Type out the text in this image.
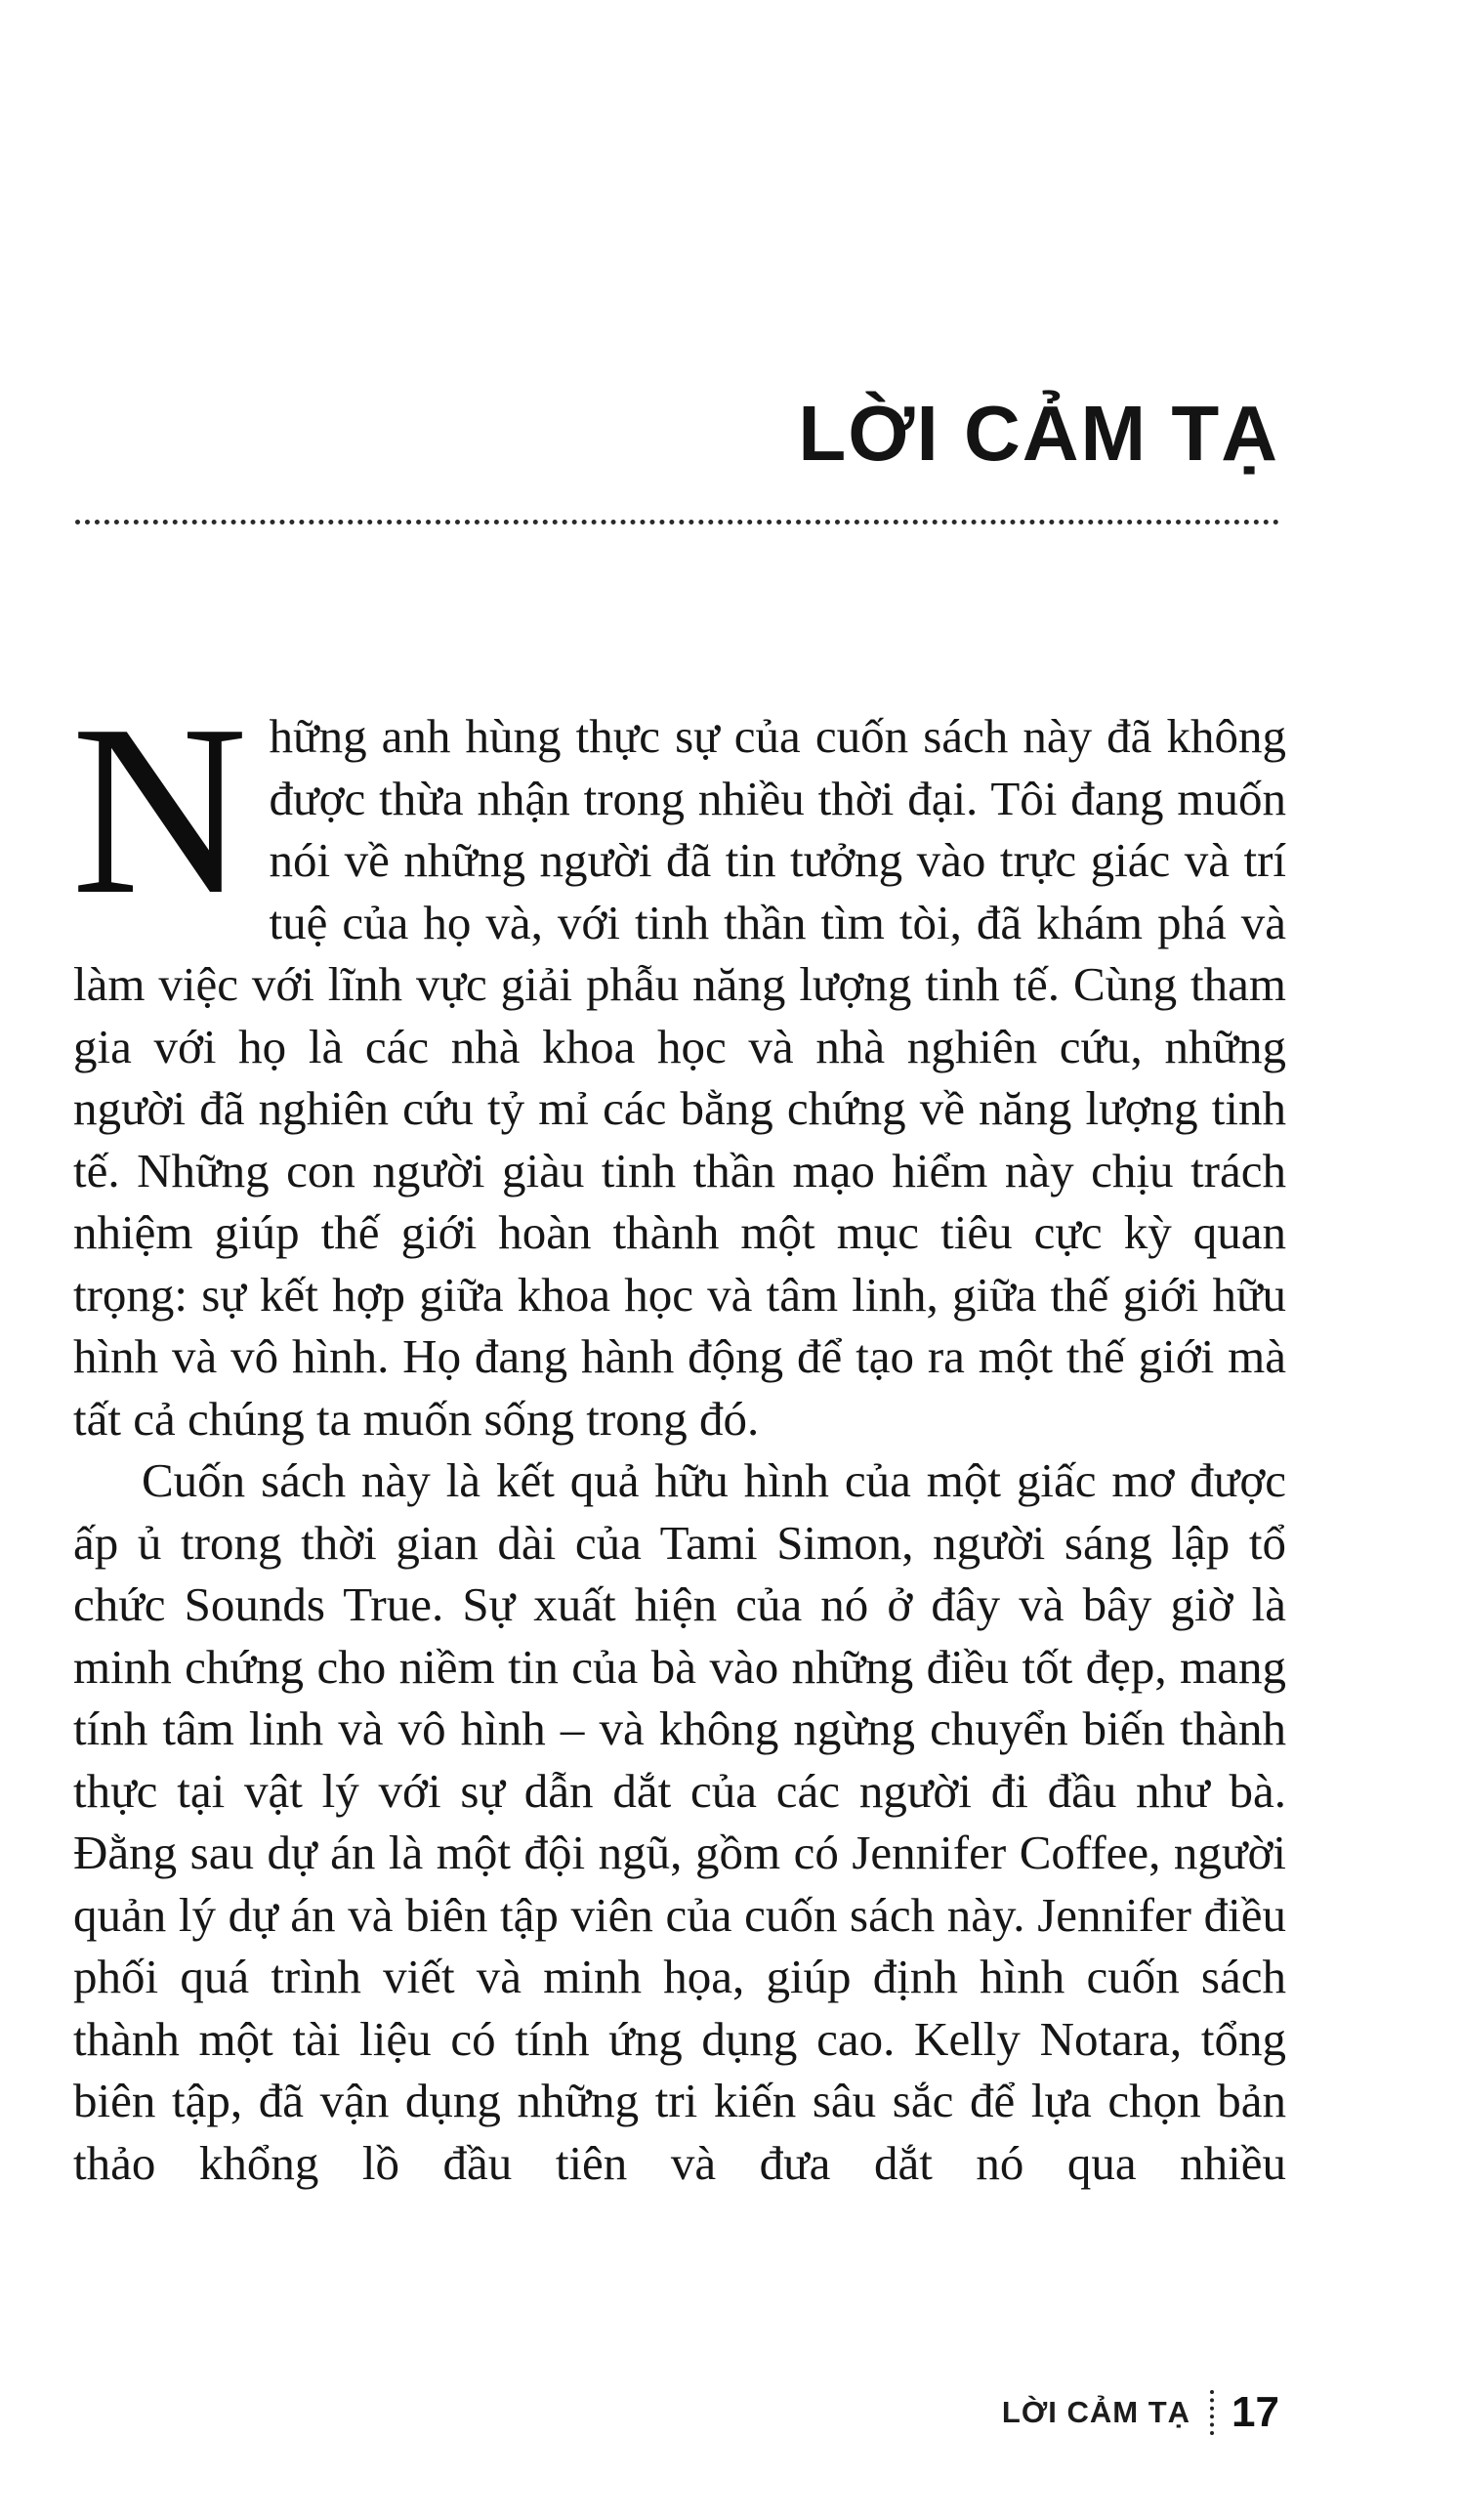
LỜI CẢM TẠ

Những anh hùng thực sự của cuốn sách này đã không được thừa nhận trong nhiều thời đại. Tôi đang muốn nói về những người đã tin tưởng vào trực giác và trí tuệ của họ và, với tinh thần tìm tòi, đã khám phá và làm việc với lĩnh vực giải phẫu năng lượng tinh tế. Cùng tham gia với họ là các nhà khoa học và nhà nghiên cứu, những người đã nghiên cứu tỷ mỉ các bằng chứng về năng lượng tinh tế. Những con người giàu tinh thần mạo hiểm này chịu trách nhiệm giúp thế giới hoàn thành một mục tiêu cực kỳ quan trọng: sự kết hợp giữa khoa học và tâm linh, giữa thế giới hữu hình và vô hình. Họ đang hành động để tạo ra một thế giới mà tất cả chúng ta muốn sống trong đó.

Cuốn sách này là kết quả hữu hình của một giấc mơ được ấp ủ trong thời gian dài của Tami Simon, người sáng lập tổ chức Sounds True. Sự xuất hiện của nó ở đây và bây giờ là minh chứng cho niềm tin của bà vào những điều tốt đẹp, mang tính tâm linh và vô hình – và không ngừng chuyển biến thành thực tại vật lý với sự dẫn dắt của các người đi đầu như bà. Đằng sau dự án là một đội ngũ, gồm có Jennifer Coffee, người quản lý dự án và biên tập viên của cuốn sách này. Jennifer điều phối quá trình viết và minh họa, giúp định hình cuốn sách thành một tài liệu có tính ứng dụng cao. Kelly Notara, tổng biên tập, đã vận dụng những tri kiến sâu sắc để lựa chọn bản thảo khổng lồ đầu tiên và đưa dắt nó qua nhiều

LỜI CẢM TẠ 17
